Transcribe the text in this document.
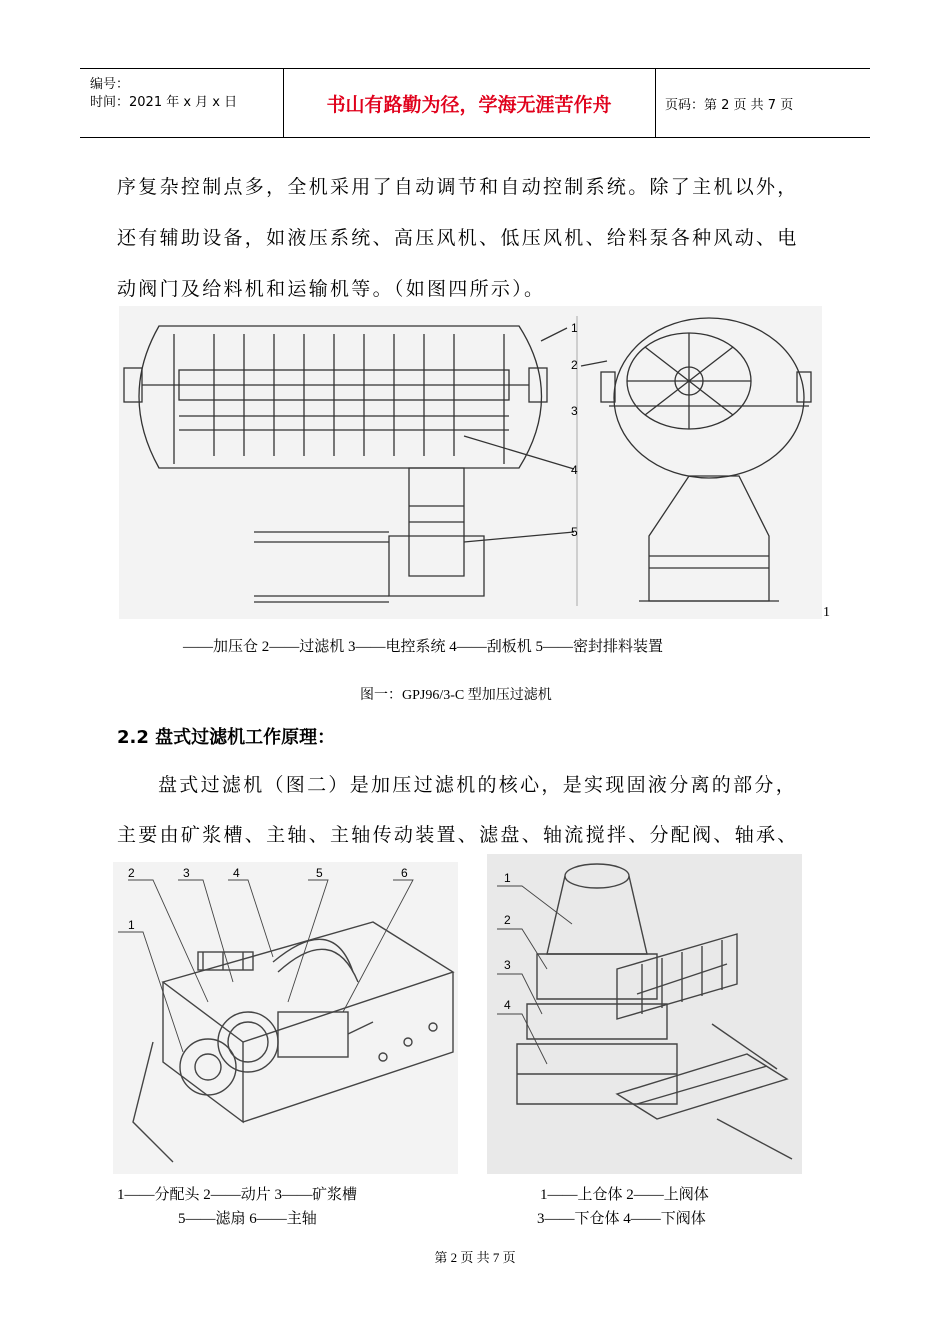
编号：
时间：2021 年 x 月 x 日	书山有路勤为径，学海无涯苦作舟	页码：第 2 页 共 7 页
序复杂控制点多，全机采用了自动调节和自动控制系统。除了主机以外，
还有辅助设备，如液压系统、高压风机、低压风机、给料泵各种风动、电
动阀门及给料机和运输机等。（如图四所示）。
1
2
3
4
5
1
——加压仓 2——过滤机 3——电控系统 4——刮板机 5——密封排料装置
图一：GPJ96/3-C 型加压过滤机
2.2 盘式过滤机工作原理：
盘式过滤机（图二）是加压过滤机的核心，是实现固液分离的部分，
主要由矿浆槽、主轴、主轴传动装置、滤盘、轴流搅拌、分配阀、轴承、
2	3	4	5	6
1
1
2
3
4
1——分配头 2——动片 3——矿浆槽
5——滤扇 6——主轴
1——上仓体 2——上阀体
3——下仓体 4——下阀体
第 2 页 共 7 页
